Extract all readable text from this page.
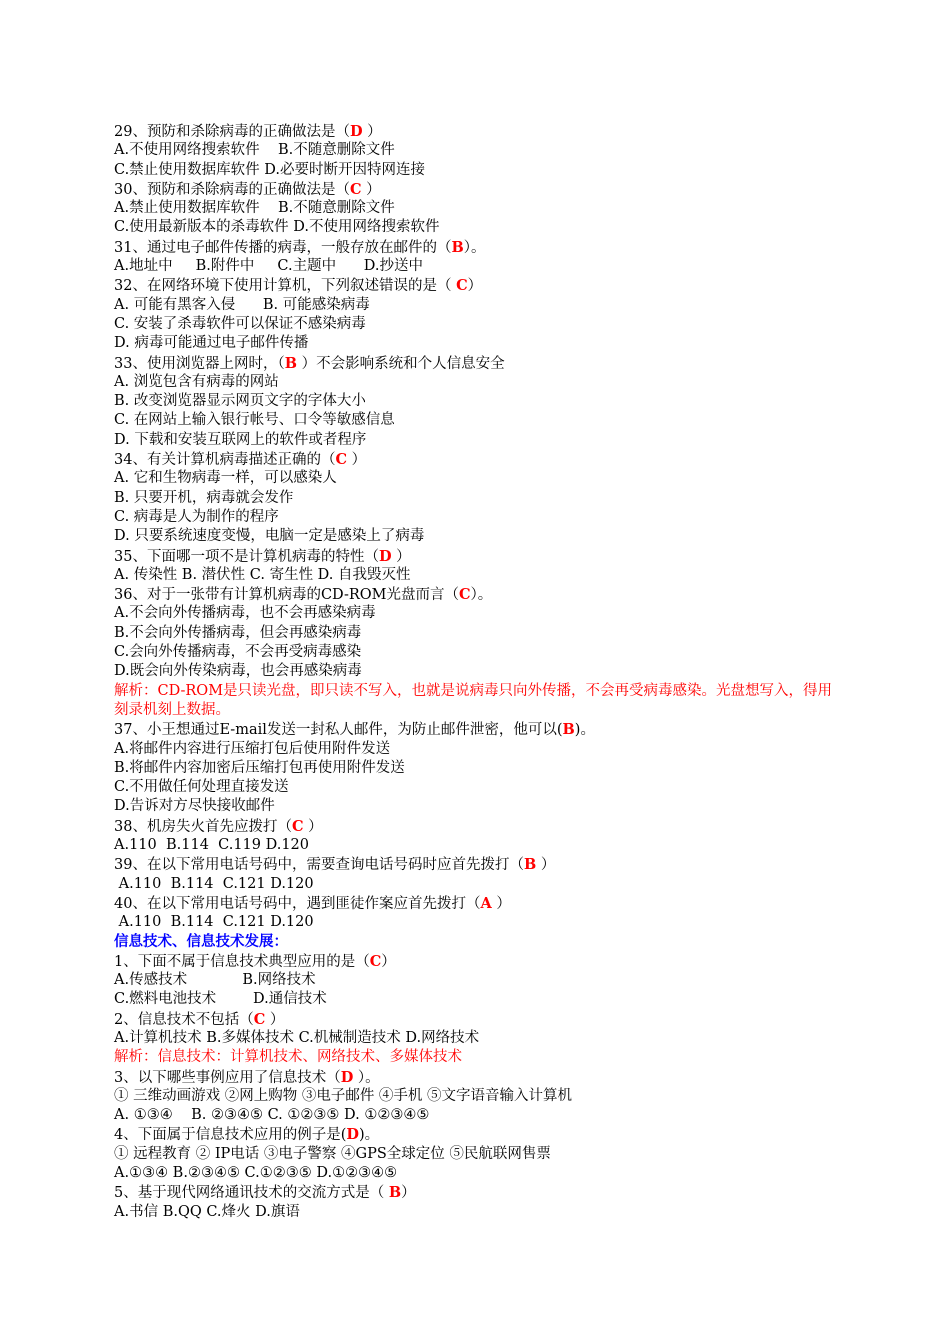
29、预防和杀除病毒的正确做法是（D ）
A.不使用网络搜索软件    B.不随意删除文件
C.禁止使用数据库软件 D.必要时断开因特网连接
30、预防和杀除病毒的正确做法是（C ）
A.禁止使用数据库软件    B.不随意删除文件
C.使用最新版本的杀毒软件 D.不使用网络搜索软件
31、通过电子邮件传播的病毒，一般存放在邮件的（B）。
A.地址中     B.附件中     C.主题中      D.抄送中
32、在网络环境下使用计算机，下列叙述错误的是（ C）
A. 可能有黑客入侵      B. 可能感染病毒
C. 安装了杀毒软件可以保证不感染病毒
D. 病毒可能通过电子邮件传播
33、使用浏览器上网时，（B ）不会影响系统和个人信息安全
A. 浏览包含有病毒的网站
B. 改变浏览器显示网页文字的字体大小
C. 在网站上输入银行帐号、口令等敏感信息
D. 下载和安装互联网上的软件或者程序
34、有关计算机病毒描述正确的（C ）
A. 它和生物病毒一样，可以感染人
B. 只要开机，病毒就会发作
C. 病毒是人为制作的程序
D. 只要系统速度变慢，电脑一定是感染上了病毒
35、下面哪一项不是计算机病毒的特性（D ）
A. 传染性 B. 潜伏性 C. 寄生性 D. 自我毁灭性
36、对于一张带有计算机病毒的CD-ROM光盘而言（C）。
A.不会向外传播病毒，也不会再感染病毒
B.不会向外传播病毒，但会再感染病毒
C.会向外传播病毒，不会再受病毒感染
D.既会向外传染病毒，也会再感染病毒
解析：CD-ROM是只读光盘，即只读不写入，也就是说病毒只向外传播，不会再受病毒感染。光盘想写入，得用刻录机刻上数据。
37、小王想通过E-mail发送一封私人邮件，为防止邮件泄密，他可以(B)。
A.将邮件内容进行压缩打包后使用附件发送
B.将邮件内容加密后压缩打包再使用附件发送
C.不用做任何处理直接发送
D.告诉对方尽快接收邮件
38、机房失火首先应拨打（C ）
A.110  B.114  C.119 D.120
39、在以下常用电话号码中，需要查询电话号码时应首先拨打（B ）
A.110  B.114  C.121 D.120
40、在以下常用电话号码中，遇到匪徒作案应首先拨打（A ）
A.110  B.114  C.121 D.120
信息技术、信息技术发展：
1、下面不属于信息技术典型应用的是（C）
A.传感技术            B.网络技术
C.燃料电池技术        D.通信技术
2、信息技术不包括（C ）
A.计算机技术 B.多媒体技术 C.机械制造技术 D.网络技术
解析：信息技术：计算机技术、网络技术、多媒体技术
3、以下哪些事例应用了信息技术（D ）。
① 三维动画游戏 ②网上购物 ③电子邮件 ④手机 ⑤文字语音输入计算机
A. ①③④    B. ②③④⑤ C. ①②③⑤ D. ①②③④⑤
4、下面属于信息技术应用的例子是(D)。
① 远程教育 ② IP电话 ③电子警察 ④GPS全球定位 ⑤民航联网售票
A.①③④ B.②③④⑤ C.①②③⑤ D.①②③④⑤
5、基于现代网络通讯技术的交流方式是（ B）
A.书信 B.QQ C.烽火 D.旗语
